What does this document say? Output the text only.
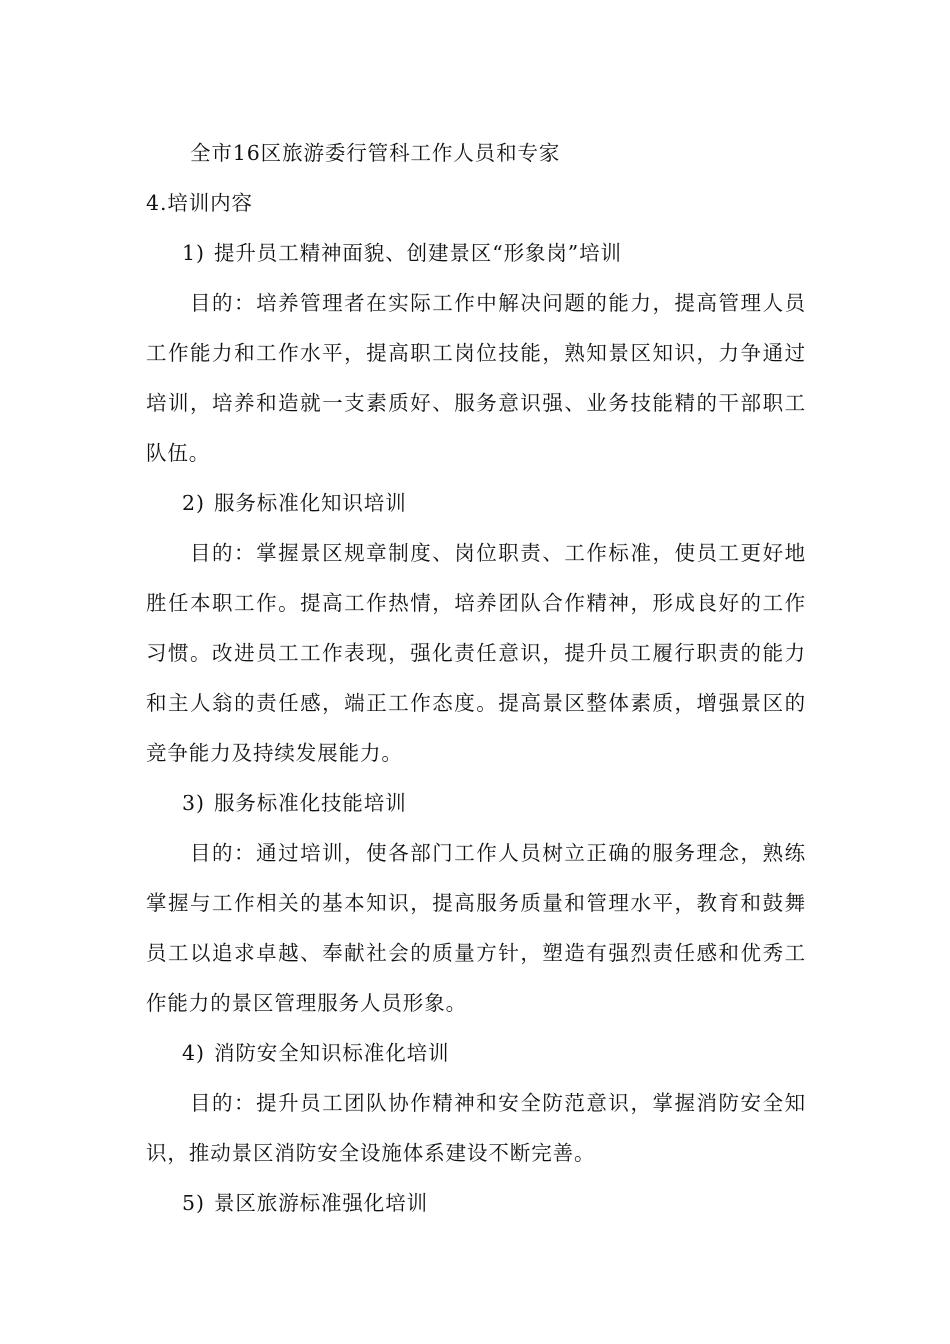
全市16区旅游委行管科工作人员和专家

4.培训内容

1) 提升员工精神面貌、创建景区“形象岗”培训

目的：培养管理者在实际工作中解决问题的能力，提高管理人员工作能力和工作水平，提高职工岗位技能，熟知景区知识，力争通过培训，培养和造就一支素质好、服务意识强、业务技能精的干部职工队伍。

2) 服务标准化知识培训

目的：掌握景区规章制度、岗位职责、工作标准，使员工更好地胜任本职工作。提高工作热情，培养团队合作精神，形成良好的工作习惯。改进员工工作表现，强化责任意识，提升员工履行职责的能力和主人翁的责任感，端正工作态度。提高景区整体素质，增强景区的竞争能力及持续发展能力。

3) 服务标准化技能培训

目的：通过培训，使各部门工作人员树立正确的服务理念，熟练掌握与工作相关的基本知识，提高服务质量和管理水平，教育和鼓舞员工以追求卓越、奉献社会的质量方针，塑造有强烈责任感和优秀工作能力的景区管理服务人员形象。

4) 消防安全知识标准化培训

目的：提升员工团队协作精神和安全防范意识，掌握消防安全知识，推动景区消防安全设施体系建设不断完善。

5) 景区旅游标准强化培训
